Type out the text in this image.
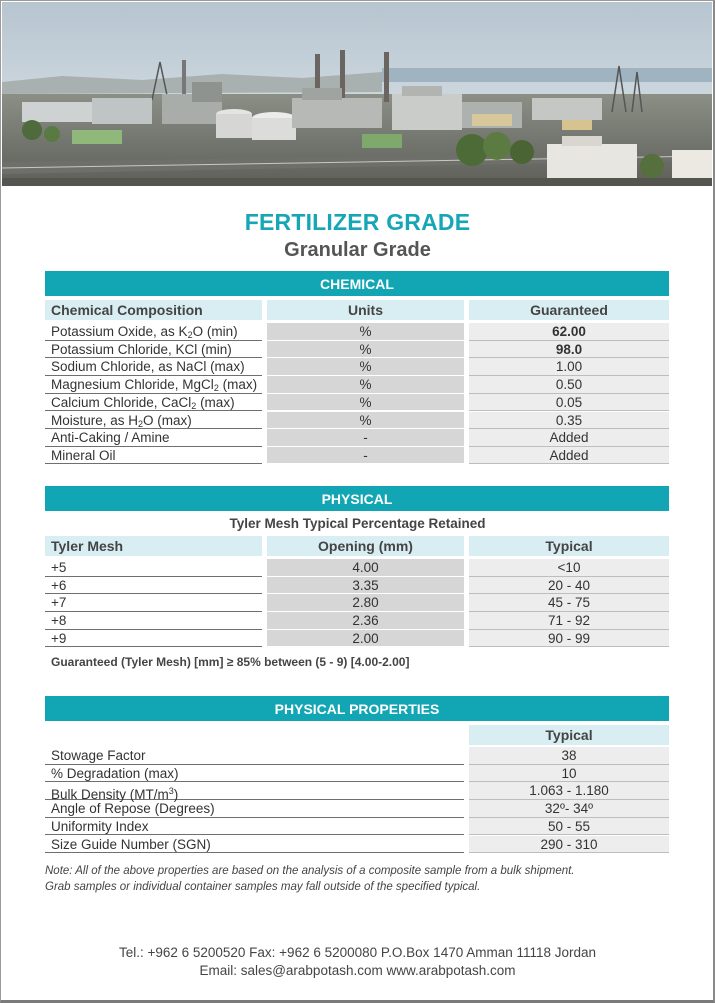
FERTILIZER GRADE
Granular Grade
CHEMICAL
Chemical Composition	Units	Guaranteed
Potassium Oxide, as $K_2O$ (min)	%	62.00
Potassium Chloride, KCl (min)	%	98.0
Sodium Chloride, as NaCl (max)	%	1.00
Magnesium Chloride, MgCl$_2$ (max)	%	0.50
Calcium Chloride, CaCl$_2$ (max)	%	0.05
Moisture, as $H_2O$ (max)	%	0.35
Anti-Caking / Amine	-	Added
Mineral Oil	-	Added
PHYSICAL
Tyler Mesh Typical Percentage Retained
Tyler Mesh	Opening (mm)	Typical
+5	4.00	<10
+6	3.35	20 - 40
+7	2.80	45 - 75
+8	2.36	71 - 92
+9	2.00	90 - 99
Guaranteed (Tyler Mesh) [mm] ≥ 85% between (5 - 9) [4.00-2.00]
PHYSICAL PROPERTIES
Typical
Stowage Factor	38
% Degradation (max)	10
Bulk Density $(MT/m^3)$	1.063 - 1.180
Angle of Repose (Degrees)	32º- 34º
Uniformity Index	50 - 55
Size Guide Number (SGN)	290 - 310
Note: All of the above properties are based on the analysis of a composite sample from a bulk shipment.
Grab samples or individual container samples may fall outside of the specified typical.
Tel.: +962 6 5200520 Fax: +962 6 5200080 P.O.Box 1470 Amman 11118 Jordan
Email: sales@arabpotash.com www.arabpotash.com
